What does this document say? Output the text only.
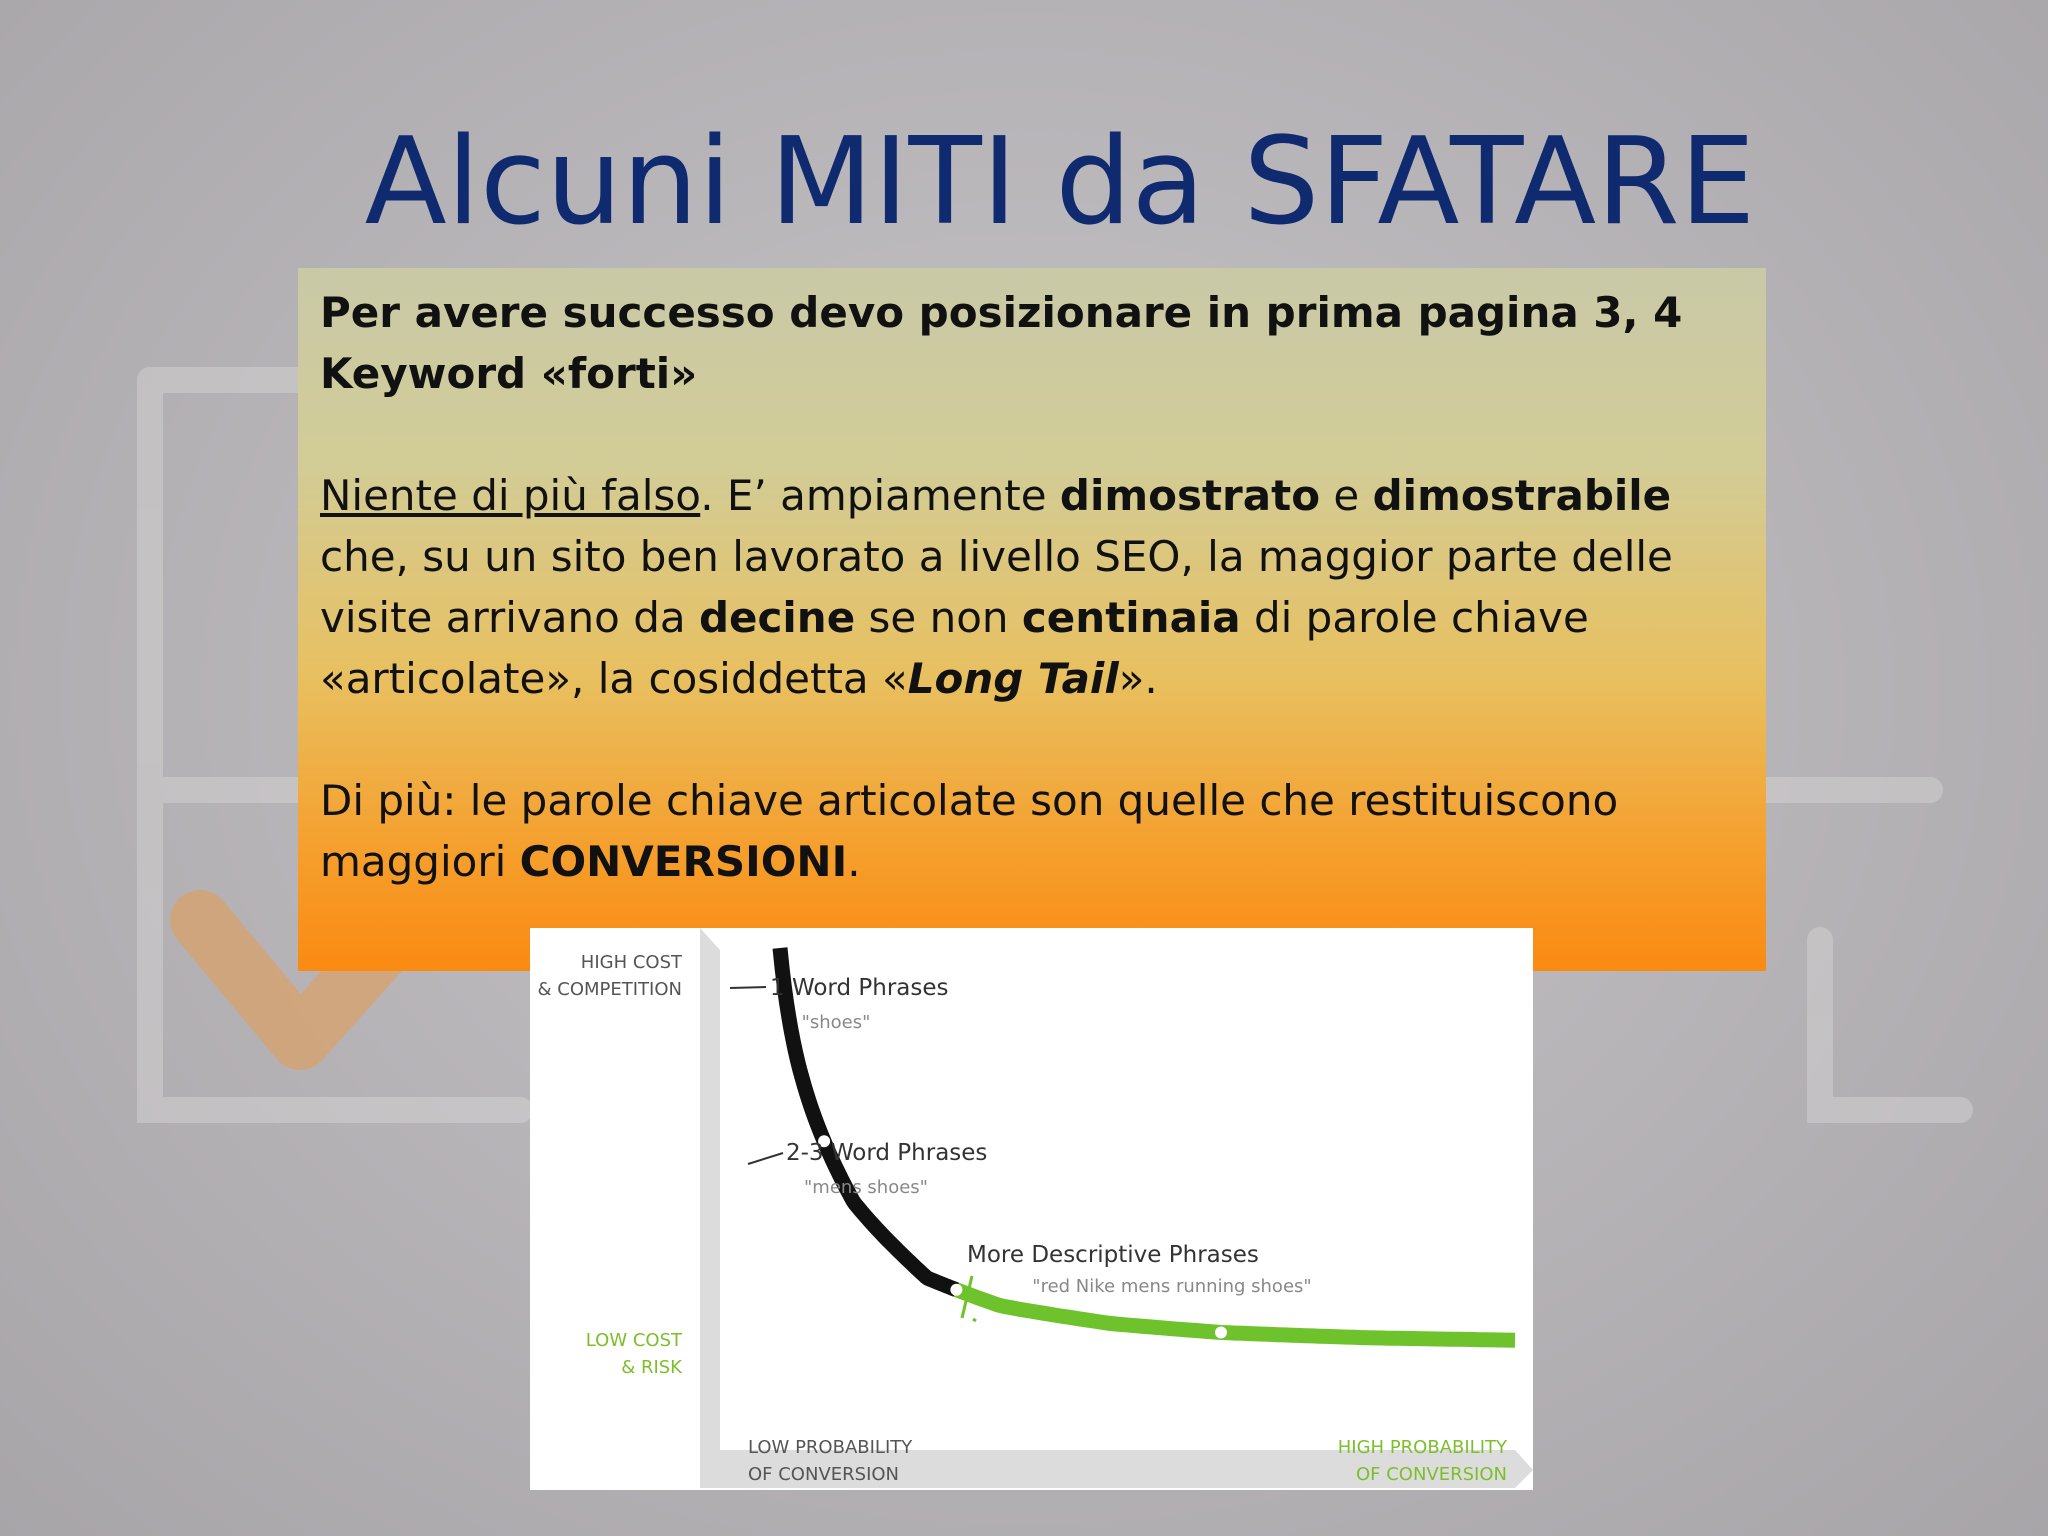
Alcuni MITI da SFATARE

Per avere successo devo posizionare in prima pagina 3, 4 Keyword «forti»

Niente di più falso. E’ ampiamente dimostrato e dimostrabile che, su un sito ben lavorato a livello SEO, la maggior parte delle visite arrivano da decine se non centinaia di parole chiave «articolate», la cosiddetta «Long Tail».

Di più: le parole chiave articolate son quelle che restituiscono maggiori CONVERSIONI.

1 Word Phrases
"shoes"
2-3 Word Phrases
"mens shoes"
More Descriptive Phrases
"red Nike mens running shoes"
HIGH COST
& COMPETITION
LOW COST
& RISK
LOW PROBABILITY
OF CONVERSION
HIGH PROBABILITY
OF CONVERSION
